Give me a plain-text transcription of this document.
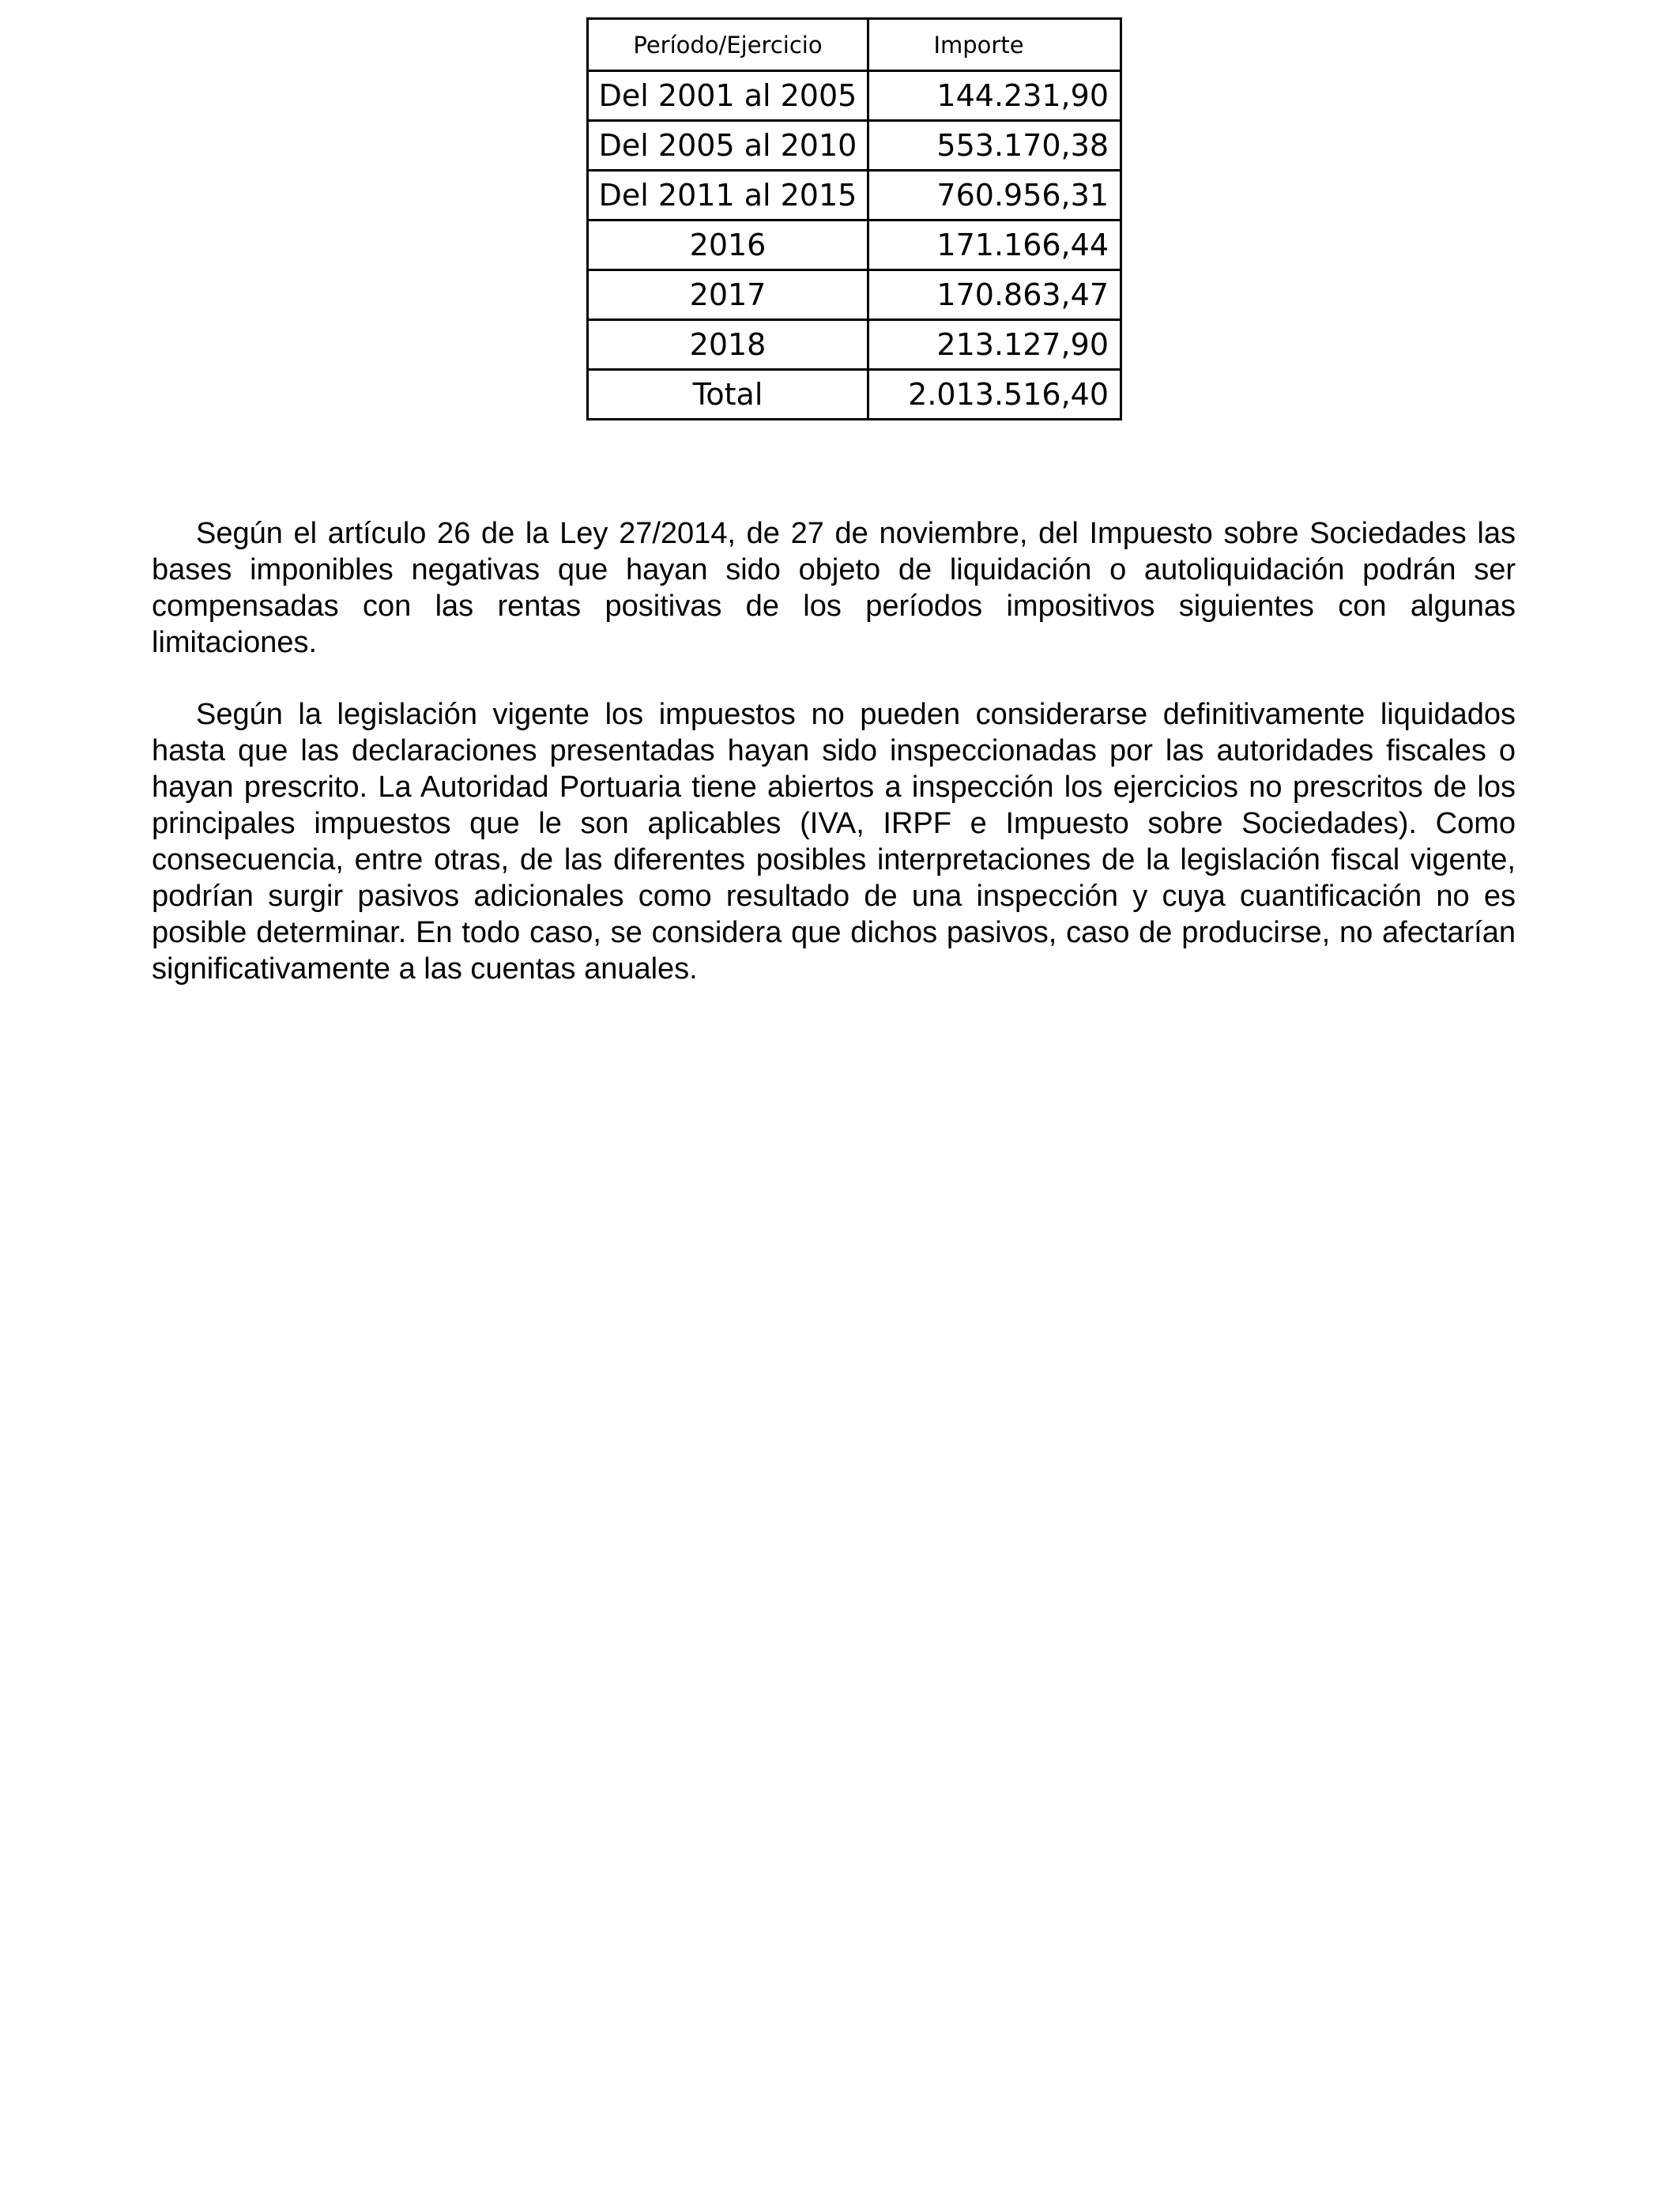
Período/Ejercicio	Importe
Del 2001 al 2005	144.231,90
Del 2005 al 2010	553.170,38
Del 2011 al 2015	760.956,31
2016	171.166,44
2017	170.863,47
2018	213.127,90
Total	2.013.516,40

Según el artículo 26 de la Ley 27/2014, de 27 de noviembre, del Impuesto sobre Sociedades las bases imponibles negativas que hayan sido objeto de liquidación o autoliquidación podrán ser compensadas con las rentas positivas de los períodos impositivos siguientes con algunas limitaciones.

Según la legislación vigente los impuestos no pueden considerarse definitivamente liquidados hasta que las declaraciones presentadas hayan sido inspeccionadas por las autoridades fiscales o hayan prescrito. La Autoridad Portuaria tiene abiertos a inspección los ejercicios no prescritos de los principales impuestos que le son aplicables (IVA, IRPF e Impuesto sobre Sociedades). Como consecuencia, entre otras, de las diferentes posibles interpretaciones de la legislación fiscal vigente, podrían surgir pasivos adicionales como resultado de una inspección y cuya cuantificación no es posible determinar. En todo caso, se considera que dichos pasivos, caso de producirse, no afectarían significativamente a las cuentas anuales.
